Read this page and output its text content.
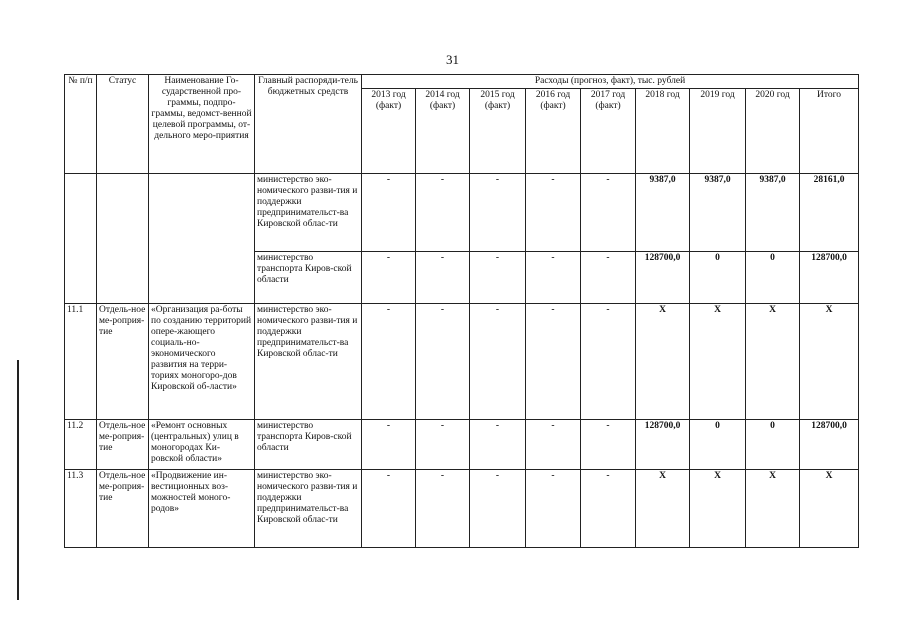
31
№ п/п	Статус	Наименование Го-сударственной про-граммы, подпро-граммы, ведомст-венной целевой программы, от-дельного меро-приятия	Главный распоряди-тель бюджетных средств	Расходы (прогноз, факт), тыс. рублей								
				2013 год (факт)	2014 год (факт)	2015 год (факт)	2016 год (факт)	2017 год (факт)	2018 год	2019 год	2020 год	Итого
			министерство эко-номического разви-тия и поддержки предпринимательст-ва Кировской облас-ти	-	-	-	-	-	9387,0	9387,0	9387,0	28161,0
			министерство транспорта Киров-ской области	-	-	-	-	-	128700,0	0	0	128700,0
11.1	Отдель-ное ме-роприя-тие	«Организация ра-боты по созданию территорий опере-жающего социаль-но-экономического развития на терри-ториях моногоро-дов Кировской об-ласти»	министерство эко-номического разви-тия и поддержки предпринимательст-ва Кировской облас-ти	-	-	-	-	-	X	X	X	X
11.2	Отдель-ное ме-роприя-тие	«Ремонт основных (центральных) улиц в моногородах Ки-ровской области»	министерство транспорта Киров-ской области	-	-	-	-	-	128700,0	0	0	128700,0
11.3	Отдель-ное ме-роприя-тие	«Продвижение ин-вестиционных воз-можностей моного-родов»	министерство эко-номического разви-тия и поддержки предпринимательст-ва Кировской облас-ти	-	-	-	-	-	X	X	X	X
